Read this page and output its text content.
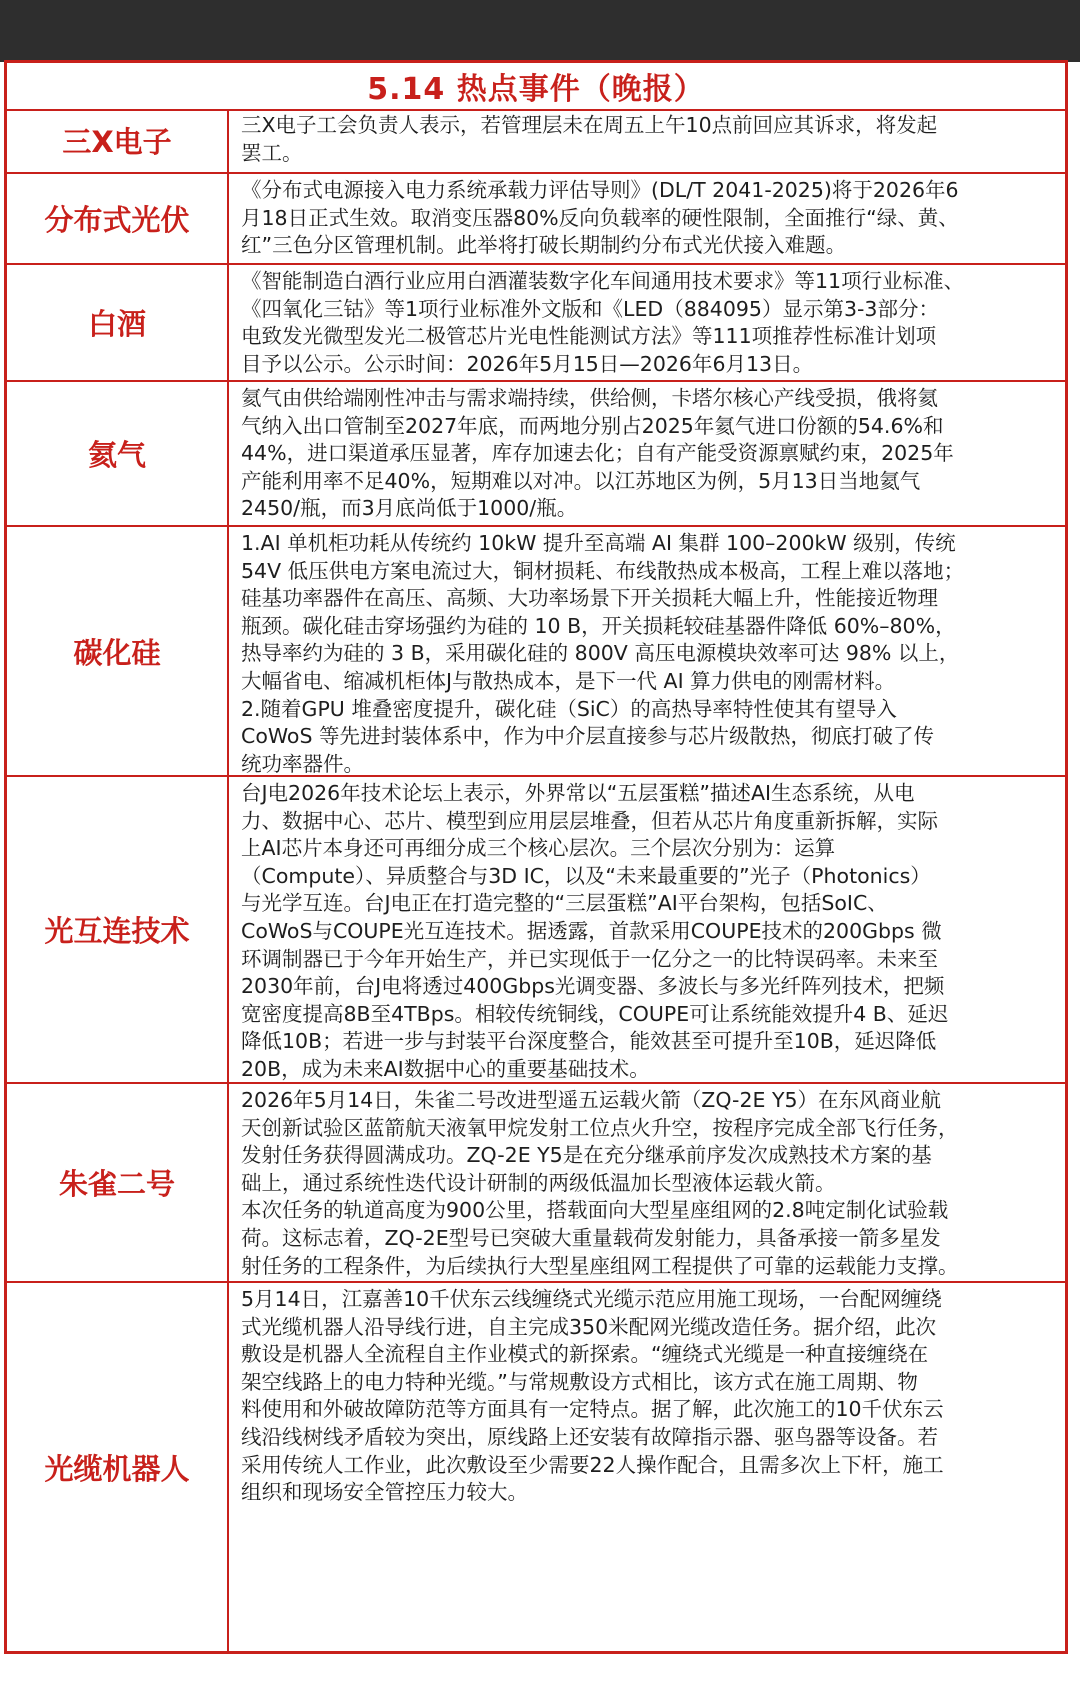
5.14 热点事件（晚报）
三X电子	三X电子工会负责人表示，若管理层未在周五上午10点前回应其诉求，将发起
罢工。

分布式光伏

《分布式电源接入电力系统承载力评估导则》(DL/T 2041-2025)将于2026年6
月18日正式生效。取消变压器80%反向负载率的硬性限制，全面推行“绿、黄、
红”三色分区管理机制。此举将打破长期制约分布式光伏接入难题。

白酒

《智能制造白酒行业应用白酒灌装数字化车间通用技术要求》等11项行业标准、
《四氧化三钴》等1项行业标准外文版和《LED（884095）显示第3-3部分：
电致发光微型发光二极管芯片光电性能测试方法》等111项推荐性标准计划项
目予以公示。公示时间：2026年5月15日—2026年6月13日。

氦气

氦气由供给端刚性冲击与需求端持续，供给侧，卡塔尔核心产线受损，俄将氦
气纳入出口管制至2027年底，而两地分别占2025年氦气进口份额的54.6%和
44%，进口渠道承压显著，库存加速去化；自有产能受资源禀赋约束，2025年
产能利用率不足40%，短期难以对冲。以江苏地区为例，5月13日当地氦气
2450/瓶，而3月底尚低于1000/瓶。

碳化硅

1.AI 单机柜功耗从传统约 10kW 提升至高端 AI 集群 100–200kW 级别，传统
54V 低压供电方案电流过大，铜材损耗、布线散热成本极高，工程上难以落地；
硅基功率器件在高压、高频、大功率场景下开关损耗大幅上升，性能接近物理
瓶颈。碳化硅击穿场强约为硅的 10 B，开关损耗较硅基器件降低 60%–80%，
热导率约为硅的 3 B，采用碳化硅的 800V 高压电源模块效率可达 98% 以上，
大幅省电、缩减机柜体J与散热成本，是下一代 AI 算力供电的刚需材料。
2.随着GPU 堆叠密度提升，碳化硅（SiC）的高热导率特性使其有望导入
CoWoS 等先进封装体系中，作为中介层直接参与芯片级散热，彻底打破了传
统功率器件。

光互连技术

台J电2026年技术论坛上表示，外界常以“五层蛋糕”描述AI生态系统，从电
力、数据中心、芯片、模型到应用层层堆叠，但若从芯片角度重新拆解，实际
上AI芯片本身还可再细分成三个核心层次。三个层次分别为：运算
（Compute）、异质整合与3D IC，以及“未来最重要的”光子（Photonics）
与光学互连。台J电正在打造完整的“三层蛋糕”AI平台架构，包括SoIC、
CoWoS与COUPE光互连技术。据透露，首款采用COUPE技术的200Gbps 微
环调制器已于今年开始生产，并已实现低于一亿分之一的比特误码率。未来至
2030年前，台J电将透过400Gbps光调变器、多波长与多光纤阵列技术，把频
宽密度提高8B至4TBps。相较传统铜线，COUPE可让系统能效提升4 B、延迟
降低10B；若进一步与封装平台深度整合，能效甚至可提升至10B，延迟降低
20B，成为未来AI数据中心的重要基础技术。

朱雀二号

2026年5月14日，朱雀二号改进型遥五运载火箭（ZQ-2E Y5）在东风商业航
天创新试验区蓝箭航天液氧甲烷发射工位点火升空，按程序完成全部飞行任务，
发射任务获得圆满成功。ZQ-2E Y5是在充分继承前序发次成熟技术方案的基
础上，通过系统性迭代设计研制的两级低温加长型液体运载火箭。
本次任务的轨道高度为900公里，搭载面向大型星座组网的2.8吨定制化试验载
荷。这标志着，ZQ-2E型号已突破大重量载荷发射能力，具备承接一箭多星发
射任务的工程条件，为后续执行大型星座组网工程提供了可靠的运载能力支撑。

光缆机器人

5月14日，江嘉善10千伏东云线缠绕式光缆示范应用施工现场，一台配网缠绕
式光缆机器人沿导线行进，自主完成350米配网光缆改造任务。据介绍，此次
敷设是机器人全流程自主作业模式的新探索。“缠绕式光缆是一种直接缠绕在
架空线路上的电力特种光缆。”与常规敷设方式相比，该方式在施工周期、物
料使用和外破故障防范等方面具有一定特点。据了解，此次施工的10千伏东云
线沿线树线矛盾较为突出，原线路上还安装有故障指示器、驱鸟器等设备。若
采用传统人工作业，此次敷设至少需要22人操作配合，且需多次上下杆，施工
组织和现场安全管控压力较大。
